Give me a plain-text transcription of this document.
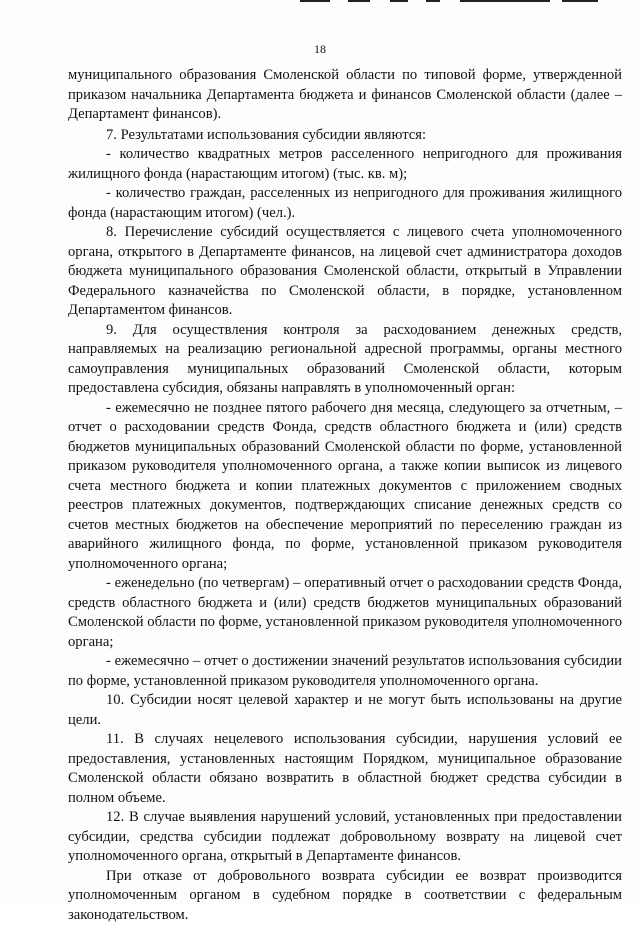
18

муниципального образования Смоленской области по типовой форме, утвержденной приказом начальника Департамента бюджета и финансов Смоленской области (далее – Департамент финансов).

7. Результатами использования субсидии являются:

- количество квадратных метров расселенного непригодного для проживания жилищного фонда (нарастающим итогом) (тыс. кв. м);

- количество граждан, расселенных из непригодного для проживания жилищного фонда (нарастающим итогом) (чел.).

8. Перечисление субсидий осуществляется с лицевого счета уполномоченного органа, открытого в Департаменте финансов, на лицевой счет администратора доходов бюджета муниципального образования Смоленской области, открытый в Управлении Федерального казначейства по Смоленской области, в порядке, установленном Департаментом финансов.

9. Для осуществления контроля за расходованием денежных средств, направляемых на реализацию региональной адресной программы, органы местного самоуправления муниципальных образований Смоленской области, которым предоставлена субсидия, обязаны направлять в уполномоченный орган:

- ежемесячно не позднее пятого рабочего дня месяца, следующего за отчетным, – отчет о расходовании средств Фонда, средств областного бюджета и (или) средств бюджетов муниципальных образований Смоленской области по форме, установленной приказом руководителя уполномоченного органа, а также копии выписок из лицевого счета местного бюджета и копии платежных документов с приложением сводных реестров платежных документов, подтверждающих списание денежных средств со счетов местных бюджетов на обеспечение мероприятий по переселению граждан из аварийного жилищного фонда, по форме, установленной приказом руководителя уполномоченного органа;

- еженедельно (по четвергам) – оперативный отчет о расходовании средств Фонда, средств областного бюджета и (или) средств бюджетов муниципальных образований Смоленской области по форме, установленной приказом руководителя уполномоченного органа;

- ежемесячно – отчет о достижении значений результатов использования субсидии по форме, установленной приказом руководителя уполномоченного органа.

10. Субсидии носят целевой характер и не могут быть использованы на другие цели.

11. В случаях нецелевого использования субсидии, нарушения условий ее предоставления, установленных настоящим Порядком, муниципальное образование Смоленской области обязано возвратить в областной бюджет средства субсидии в полном объеме.

12. В случае выявления нарушений условий, установленных при предоставлении субсидии, средства субсидии подлежат добровольному возврату на лицевой счет уполномоченного органа, открытый в Департаменте финансов.

При отказе от добровольного возврата субсидии ее возврат производится уполномоченным органом в судебном порядке в соответствии с федеральным законодательством.
